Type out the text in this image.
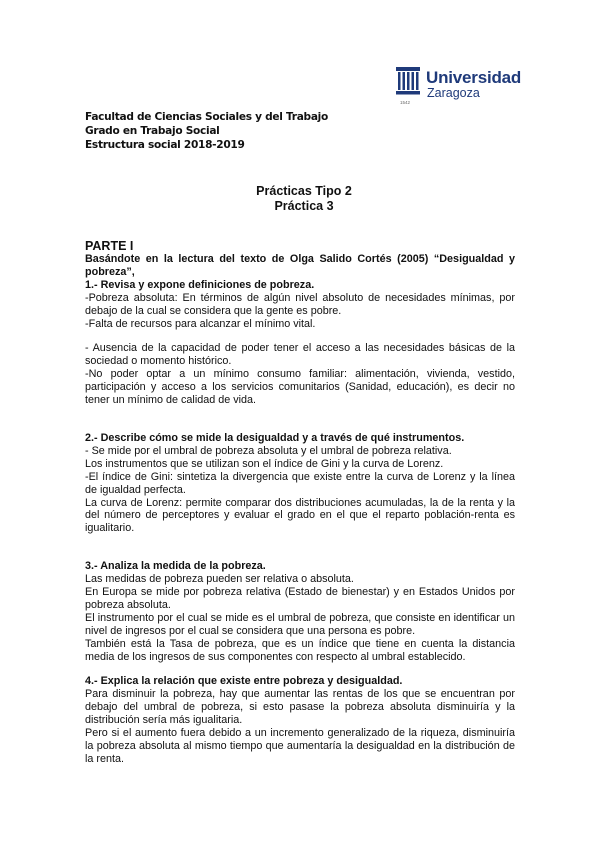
Universidad
Zaragoza
1542
Facultad de Ciencias Sociales y del Trabajo
Grado en Trabajo Social
Estructura social 2018-2019
Prácticas Tipo 2
Práctica 3

PARTE I

Basándote en la lectura del texto de Olga Salido Cortés (2005) “Desigualdad y pobreza”,

1.- Revisa y expone definiciones de pobreza.

-Pobreza absoluta: En términos de algún nivel absoluto de necesidades mínimas, por debajo de la cual se considera que la gente es pobre.

-Falta de recursos para alcanzar el mínimo vital.

- Ausencia de la capacidad de poder tener el acceso a las necesidades básicas de la sociedad o momento histórico.

-No poder optar a un mínimo consumo familiar: alimentación, vivienda, vestido, participación y acceso a los servicios comunitarios (Sanidad, educación), es decir no tener un mínimo de calidad de vida.

2.- Describe cómo se mide la desigualdad y a través de qué instrumentos.

- Se mide por el umbral de pobreza absoluta y el umbral de pobreza relativa.

Los instrumentos que se utilizan son el índice de Gini y la curva de Lorenz.

-El índice de Gini: sintetiza la divergencia que existe entre la curva de Lorenz y la línea de igualdad perfecta.

La curva de Lorenz: permite comparar dos distribuciones acumuladas, la de la renta y la del número de perceptores y evaluar el grado en el que el reparto población-renta es igualitario.

3.- Analiza la medida de la pobreza.

Las medidas de pobreza pueden ser relativa o absoluta.

En Europa se mide por pobreza relativa (Estado de bienestar) y en Estados Unidos por pobreza absoluta.

El instrumento por el cual se mide es el umbral de pobreza, que consiste en identificar un nivel de ingresos por el cual se considera que una persona es pobre.

También está la Tasa de pobreza, que es un índice que tiene en cuenta la distancia media de los ingresos de sus componentes con respecto al umbral establecido.

4.- Explica la relación que existe entre pobreza y desigualdad.

Para disminuir la pobreza, hay que aumentar las rentas de los que se encuentran por debajo del umbral de pobreza, si esto pasase la pobreza absoluta disminuiría y la distribución sería más igualitaria.

Pero si el aumento fuera debido a un incremento generalizado de la riqueza, disminuiría la pobreza absoluta al mismo tiempo que aumentaría la desigualdad en la distribución de la renta.
